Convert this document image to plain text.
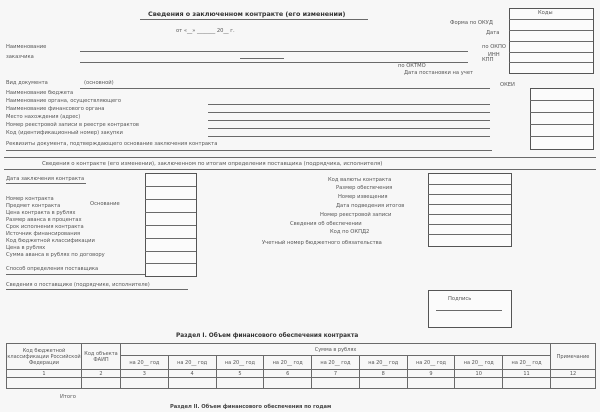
Сведения о заключенном контракте (его изменении)
от «__» _______ 20__ г.
Коды
Форма по ОКУД
Дата
по ОКПО
ИНН
КПП
по ОКТМО
Дата постановки на учет
Наименование
заказчика
Вид документа	(основной)
Наименование бюджета
Наименование органа, осуществляющего
Наименование финансового органа
Место нахождения (адрес)
Номер реестровой записи в реестре контрактов
Код (идентификационный номер) закупки
Реквизиты документа, подтверждающего основание заключения контракта
ОКЕИ
Сведения о контракте (его изменении), заключенном по итогам определения поставщика (подрядчика, исполнителя)
Дата заключения контракта
Номер контракта
Предмет контракта
Цена контракта в рублях
Размер аванса в процентах
Срок исполнения контракта
Источник финансирования
Код бюджетной классификации
Цена в рублях
Сумма аванса в рублях по договору
Способ определения поставщика
Сведения о поставщике (подрядчике, исполнителе)
Основание
Код валюты контракта
Размер обеспечения
Номер извещения
Дата подведения итогов
Номер реестровой записи
Сведения об обеспечении
Код по ОКПД2
Учетный номер бюджетного обязательства
Подпись
Раздел I. Объем финансового обеспечения контракта
Код бюджетной классификации Российской Федерации	Код объекта ФАИП	Сумма в рублях									Примечание
		на 20__ год	на 20__ год	на 20__ год	на 20__ год	на 20__ год	на 20__ год	на 20__ год	на 20__ год	на 20__ год	
1	2	3	4	5	6	7	8	9	10	11	12

Итого
Раздел II. Объем финансового обеспечения по годам
